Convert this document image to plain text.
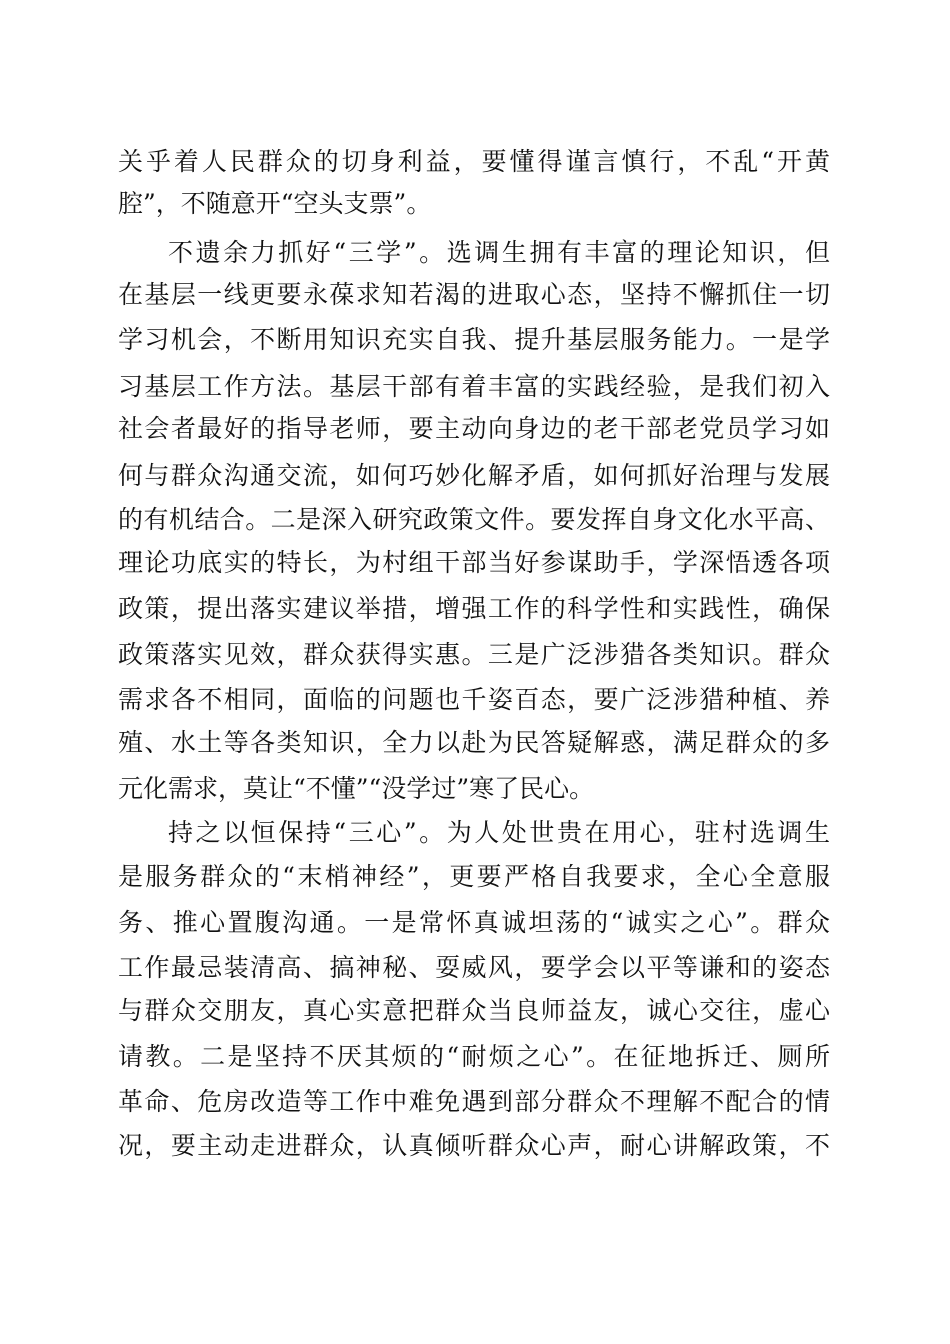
关乎着人民群众的切身利益，要懂得谨言慎行，不乱“开黄
腔”，不随意开“空头支票”。
不遗余力抓好“三学”。选调生拥有丰富的理论知识，但
在基层一线更要永葆求知若渴的进取心态，坚持不懈抓住一切
学习机会，不断用知识充实自我、提升基层服务能力。一是学
习基层工作方法。基层干部有着丰富的实践经验，是我们初入
社会者最好的指导老师，要主动向身边的老干部老党员学习如
何与群众沟通交流，如何巧妙化解矛盾，如何抓好治理与发展
的有机结合。二是深入研究政策文件。要发挥自身文化水平高、
理论功底实的特长，为村组干部当好参谋助手，学深悟透各项
政策，提出落实建议举措，增强工作的科学性和实践性，确保
政策落实见效，群众获得实惠。三是广泛涉猎各类知识。群众
需求各不相同，面临的问题也千姿百态，要广泛涉猎种植、养
殖、水土等各类知识，全力以赴为民答疑解惑，满足群众的多
元化需求，莫让“不懂”“没学过”寒了民心。
持之以恒保持“三心”。为人处世贵在用心，驻村选调生
是服务群众的“末梢神经”，更要严格自我要求，全心全意服
务、推心置腹沟通。一是常怀真诚坦荡的“诚实之心”。群众
工作最忌装清高、搞神秘、耍威风，要学会以平等谦和的姿态
与群众交朋友，真心实意把群众当良师益友，诚心交往，虚心
请教。二是坚持不厌其烦的“耐烦之心”。在征地拆迁、厕所
革命、危房改造等工作中难免遇到部分群众不理解不配合的情
况，要主动走进群众，认真倾听群众心声，耐心讲解政策，不
